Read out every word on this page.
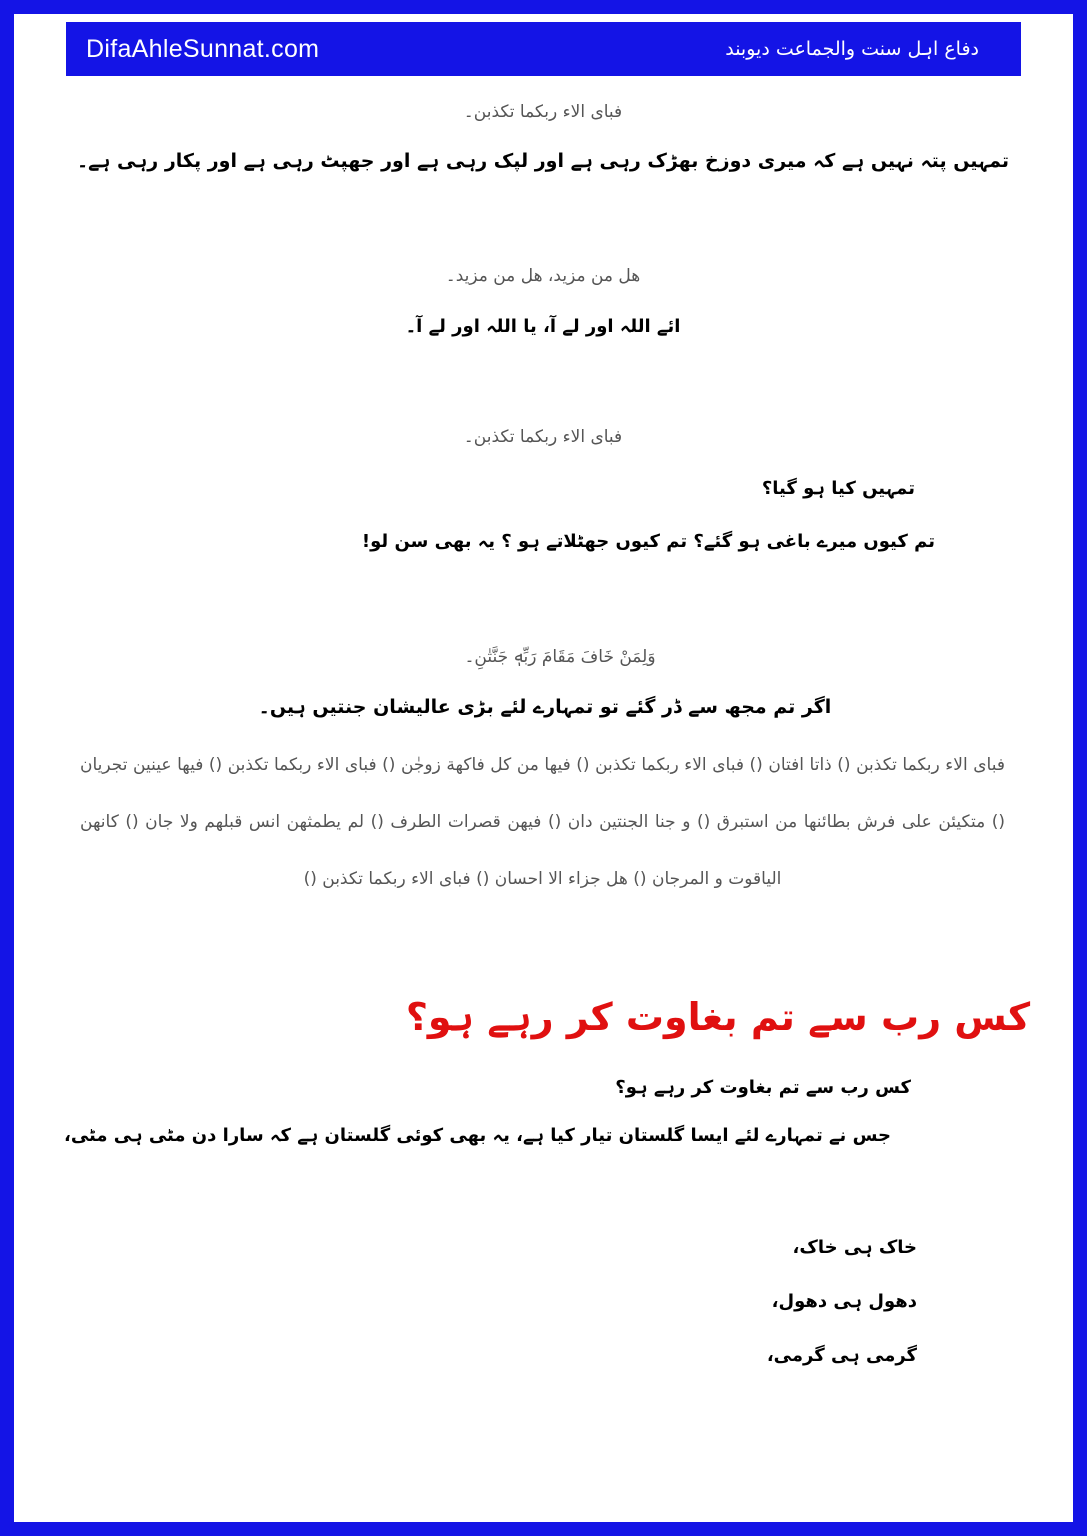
DifaAhleSunnat.com	دفاع اہل سنت والجماعت دیوبند
فبای الاء ربکما تکذبن۔
تمہیں پتہ نہیں ہے کہ میری دوزخ بھڑک رہی ہے اور لپک رہی ہے اور جھپٹ رہی ہے اور پکار رہی ہے۔
هل من مزيد، هل من مزيد۔
ائے اللہ اور لے آ، یا اللہ اور لے آ۔
فبای الاء ربکما تکذبن۔
تمہیں کیا ہو گیا؟
تم کیوں میرے باغی ہو گئے؟ تم کیوں جھٹلاتے ہو ؟ یہ بھی سن لو!
وَلِمَنْ خَافَ مَقَامَ رَبِّهٖ جَنَّتٰنِ۔
اگر تم مجھ سے ڈر گئے تو تمہارے لئے بڑی عالیشان جنتیں ہیں۔
فبای الاء ربکما تکذبن () ذاتا افتان () فبای الاء ربکما تکذبن () فیھا من کل فاکھة زوجٰن () فبای الاء ربکما تکذبن () فيها عينين تجريان () متكيئن على فرش بطائنها من استبرق () و جنا الجنتين دان () فيهن قصرات الطرف () لم يطمثهن انس قبلهم ولا جان () كانهن الياقوت و المرجان () هل جزاء الا احسان () فبای الاء ربکما تکذبن ()
کس رب سے تم بغاوت کر رہے ہو؟
کس رب سے تم بغاوت کر رہے ہو؟
جس نے تمہارے لئے ایسا گلستان تیار کیا ہے، یہ بھی کوئی گلستان ہے کہ سارا دن مٹی ہی مٹی،
خاک ہی خاک،
دھول ہی دھول،
گرمی ہی گرمی،
